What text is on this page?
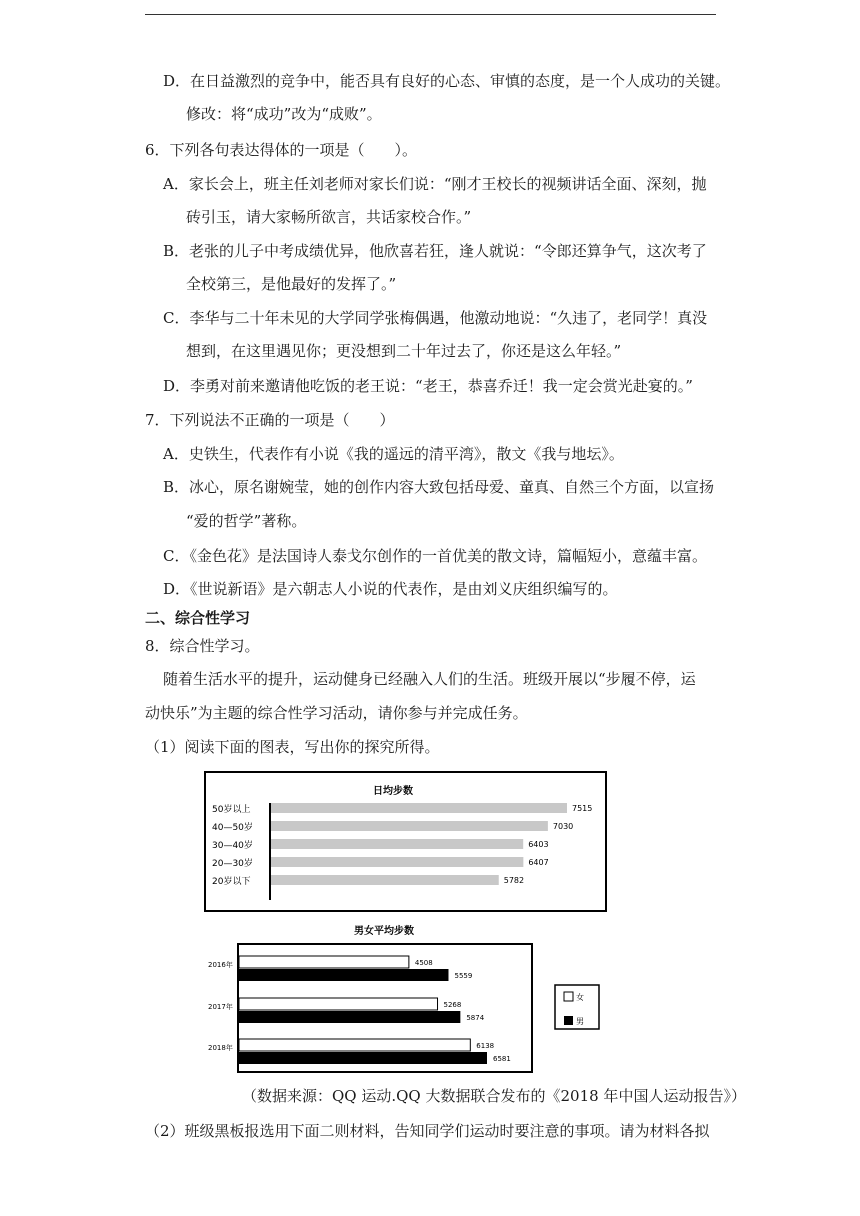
D．在日益激烈的竞争中，能否具有良好的心态、审慎的态度，是一个人成功的关键。
修改：将“成功”改为“成败”。
6．下列各句表达得体的一项是（　　）。
A．家长会上，班主任刘老师对家长们说：“刚才王校长的视频讲话全面、深刻，抛
砖引玉，请大家畅所欲言，共话家校合作。”
B．老张的儿子中考成绩优异，他欣喜若狂，逢人就说：“令郎还算争气，这次考了
全校第三，是他最好的发挥了。”
C．李华与二十年未见的大学同学张梅偶遇，他激动地说：“久违了，老同学！真没
想到，在这里遇见你；更没想到二十年过去了，你还是这么年轻。”
D．李勇对前来邀请他吃饭的老王说：“老王，恭喜乔迁！我一定会赏光赴宴的。”
7．下列说法不正确的一项是（　　）
A．史铁生，代表作有小说《我的遥远的清平湾》，散文《我与地坛》。
B．冰心，原名谢婉莹，她的创作内容大致包括母爱、童真、自然三个方面，以宣扬
“爱的哲学”著称。
C．《金色花》是法国诗人泰戈尔创作的一首优美的散文诗，篇幅短小，意蕴丰富。
D．《世说新语》是六朝志人小说的代表作，是由刘义庆组织编写的。
二、综合性学习
8．综合性学习。
随着生活水平的提升，运动健身已经融入人们的生活。班级开展以“步履不停，运
动快乐”为主题的综合性学习活动，请你参与并完成任务。
（1）阅读下面的图表，写出你的探究所得。
日均步数
50岁以上	7515
40—50岁	7030
30—40岁	6403
20—30岁	6407
20岁以下	5782
男女平均步数
2016年	4508
5559
2017年	5268
5874
2018年	6138
6581
女
男
（数据来源：QQ 运动.QQ 大数据联合发布的《2018 年中国人运动报告》）
（2）班级黑板报选用下面二则材料，告知同学们运动时要注意的事项。请为材料各拟
